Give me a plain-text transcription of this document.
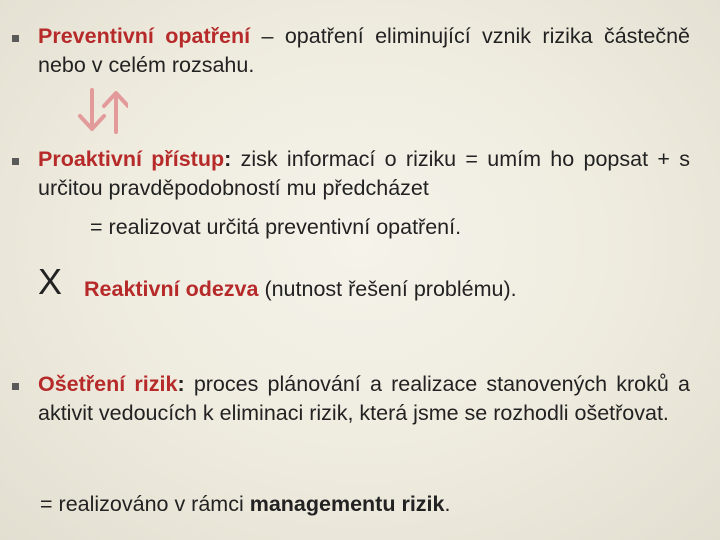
Preventivní opatření – opatření eliminující vznik rizika částečně nebo v celém rozsahu.
Proaktivní přístup: zisk informací o riziku = umím ho popsat + s určitou pravděpodobností mu předcházet
= realizovat určitá preventivní opatření.
X Reaktivní odezva (nutnost řešení problému).
Ošetření rizik: proces plánování a realizace stanovených kroků a aktivit vedoucích k eliminaci rizik, která jsme se rozhodli ošetřovat.
= realizováno v rámci managementu rizik.
